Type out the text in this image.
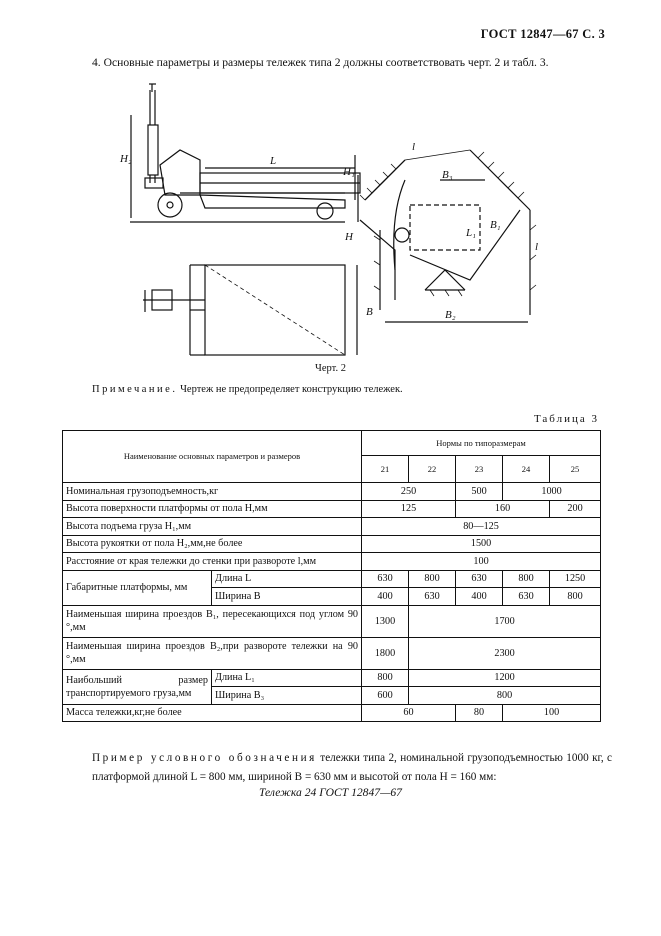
ГОСТ 12847—67 С. 3
4. Основные параметры и размеры тележек типа 2 должны соответствовать черт. 2 и табл. 3.
H₂	L
H₁
H
B
l
B₃
L₁
B₁
l
B₂
Черт. 2
Примечание. Чертеж не предопределяет конструкцию тележек.
Таблица 3
Наименование основных параметров и размеров		Нормы по типоразмерам				
		21	22	23	24	25
Номинальная грузоподъемность,кг		250		500	1000	
Высота поверхности платформы от пола H,мм		125		160		200
Высота подъема груза H₁,мм		80—125				
Высота рукоятки от пола H₂,мм,не более		1500				
Расстояние от края тележки до стенки при развороте l,мм		100				
Габаритные платформы, мм	Длина L	630	800	630	800	1250
	Ширина B	400	630	400	630	800
Наименьшая ширина проездов B₁, пересекающихся под углом 90 °,мм		1300	1700			
Наименьшая ширина проездов B₂,при развороте тележки на 90 °,мм		1800	2300			
Наибольший размер транспортируемого груза,мм	Длина L₁	800	1200			
	Ширина B₃	600	800			
Масса тележки,кг,не более		60		80	100	
Пример условного обозначения тележки типа 2, номинальной грузоподъемностью 1000 кг, с платформой длиной L = 800 мм, шириной B = 630 мм и высотой от пола H = 160 мм:
Тележка 24 ГОСТ 12847—67
